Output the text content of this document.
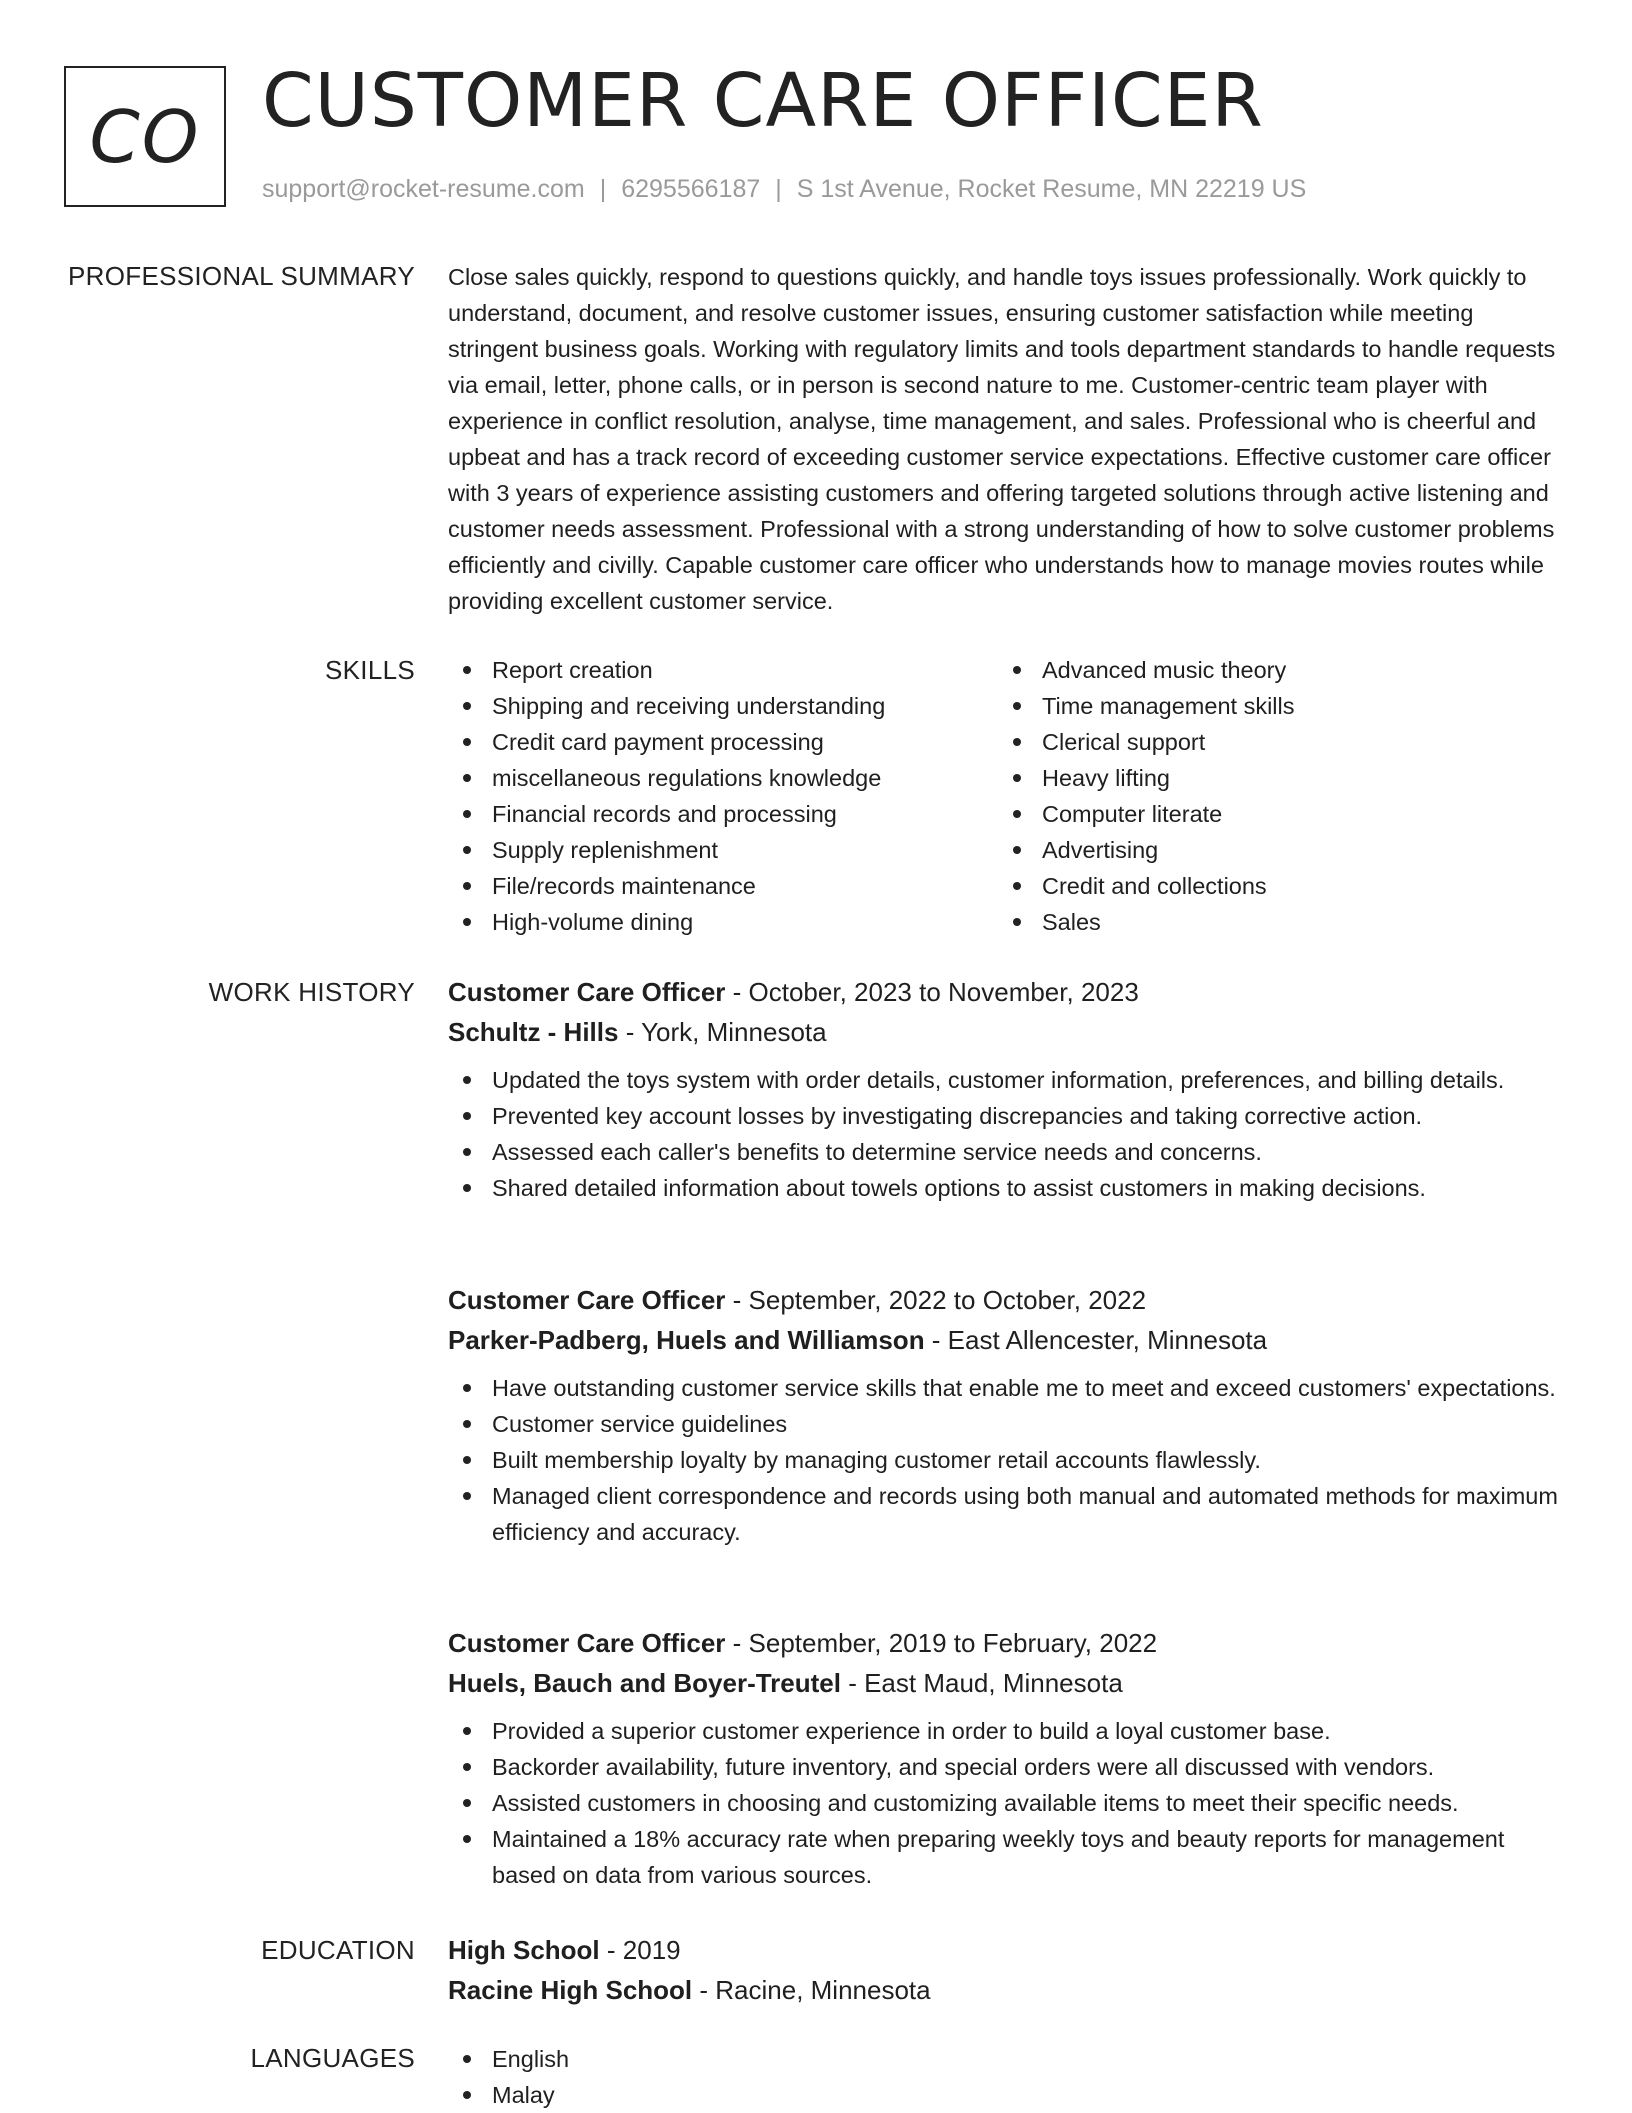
CO CUSTOMER CARE OFFICER
support@rocket-resume.com | 6295566187 | S 1st Avenue, Rocket Resume, MN 22219 US
PROFESSIONAL SUMMARY Close sales quickly, respond to questions quickly, and handle toys issues professionally. Work quickly to understand, document, and resolve customer issues, ensuring customer satisfaction while meeting stringent business goals. Working with regulatory limits and tools department standards to handle requests via email, letter, phone calls, or in person is second nature to me. Customer-centric team player with experience in conflict resolution, analyse, time management, and sales. Professional who is cheerful and upbeat and has a track record of exceeding customer service expectations. Effective customer care officer with 3 years of experience assisting customers and offering targeted solutions through active listening and customer needs assessment. Professional with a strong understanding of how to solve customer problems efficiently and civilly. Capable customer care officer who understands how to manage movies routes while providing excellent customer service.

SKILLS	Report creation
Shipping and receiving understanding
Credit card payment processing
miscellaneous regulations knowledge
Financial records and processing
Supply replenishment
File/records maintenance
High-volume dining
Advanced music theory
Time management skills
Clerical support
Heavy lifting
Computer literate
Advertising
Credit and collections
Sales
WORK HISTORY Customer Care Officer - October, 2023 to November, 2023
Schultz - Hills - York, Minnesota
Updated the toys system with order details, customer information, preferences, and billing details.
Prevented key account losses by investigating discrepancies and taking corrective action.
Assessed each caller's benefits to determine service needs and concerns.
Shared detailed information about towels options to assist customers in making decisions.
Customer Care Officer - September, 2022 to October, 2022
Parker-Padberg, Huels and Williamson - East Allencester, Minnesota
Have outstanding customer service skills that enable me to meet and exceed customers' expectations.
Customer service guidelines
Built membership loyalty by managing customer retail accounts flawlessly.
Managed client correspondence and records using both manual and automated methods for maximum efficiency and accuracy.
Customer Care Officer - September, 2019 to February, 2022
Huels, Bauch and Boyer-Treutel - East Maud, Minnesota
Provided a superior customer experience in order to build a loyal customer base.
Backorder availability, future inventory, and special orders were all discussed with vendors.
Assisted customers in choosing and customizing available items to meet their specific needs.
Maintained a 18% accuracy rate when preparing weekly toys and beauty reports for management based on data from various sources.
EDUCATION High School - 2019
Racine High School - Racine, Minnesota
LANGUAGES	English
Malay
